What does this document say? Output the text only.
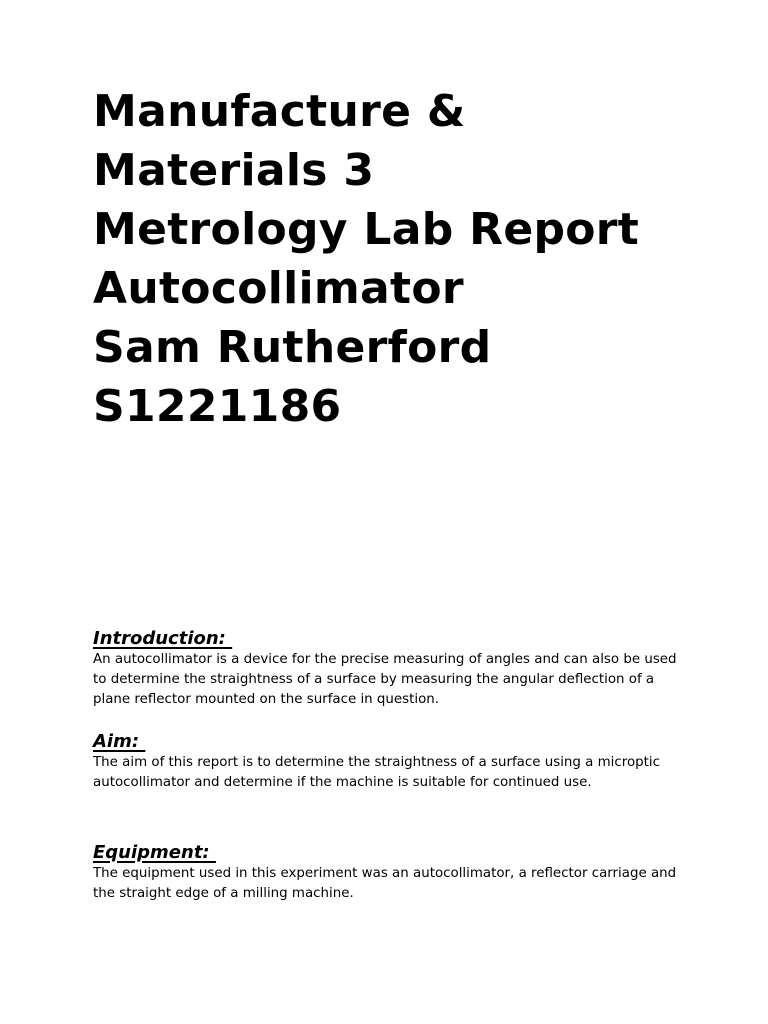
Manufacture &
Materials 3
Metrology Lab Report
Autocollimator
Sam Rutherford
S1221186
Introduction:
An autocollimator is a device for the precise measuring of angles and can also be used to determine the straightness of a surface by measuring the angular deflection of a plane reflector mounted on the surface in question.
Aim:
The aim of this report is to determine the straightness of a surface using a microptic autocollimator and determine if the machine is suitable for continued use.
Equipment:
The equipment used in this experiment was an autocollimator, a reflector carriage and the straight edge of a milling machine.
